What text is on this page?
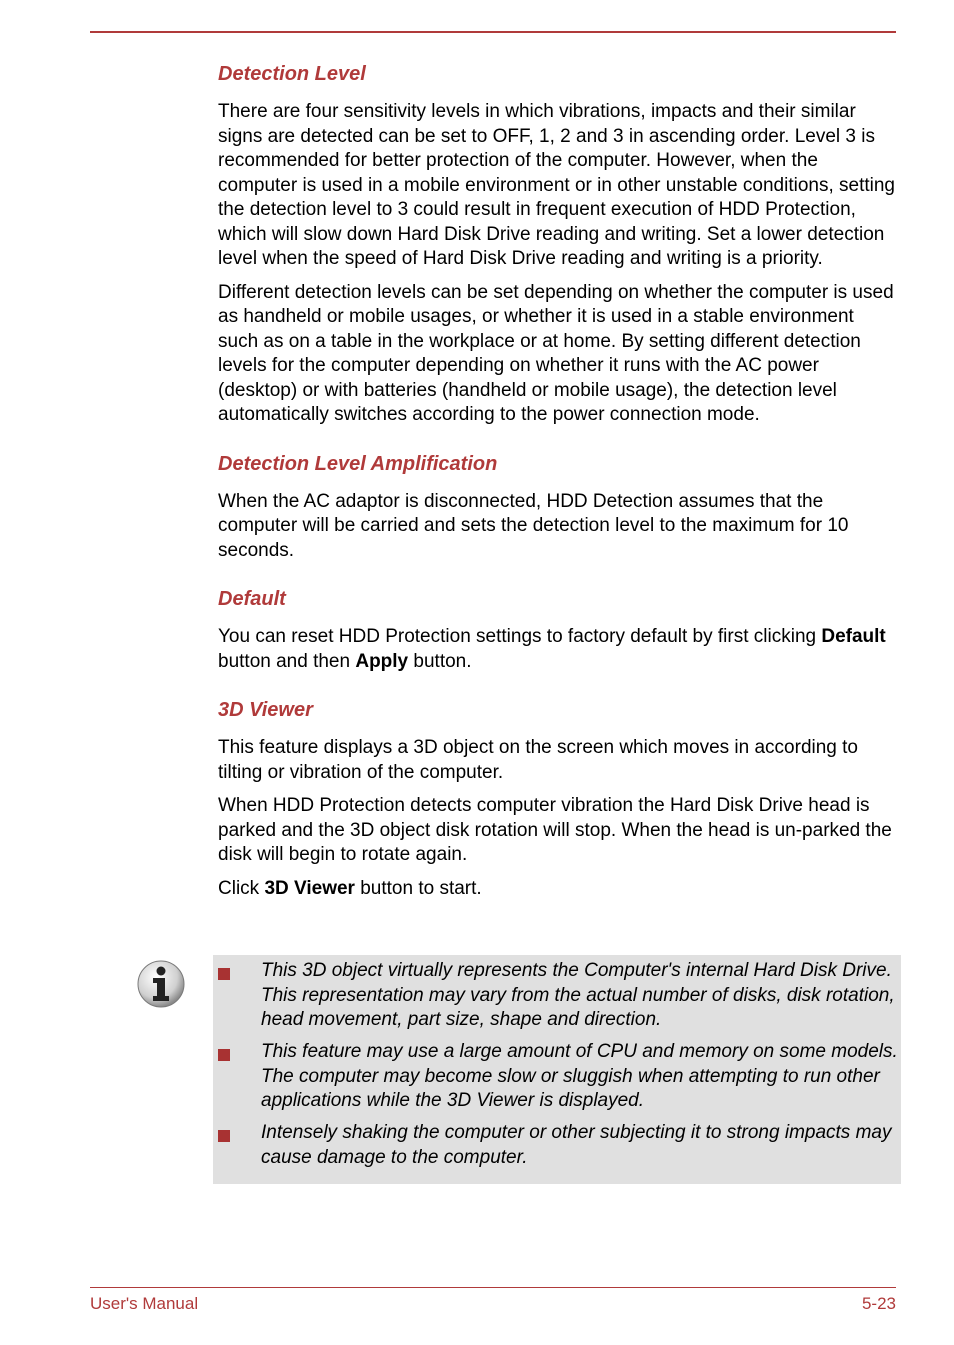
Detection Level

There are four sensitivity levels in which vibrations, impacts and their similar signs are detected can be set to OFF, 1, 2 and 3 in ascending order. Level 3 is recommended for better protection of the computer. However, when the computer is used in a mobile environment or in other unstable conditions, setting the detection level to 3 could result in frequent execution of HDD Protection, which will slow down Hard Disk Drive reading and writing. Set a lower detection level when the speed of Hard Disk Drive reading and writing is a priority.

Different detection levels can be set depending on whether the computer is used as handheld or mobile usages, or whether it is used in a stable environment such as on a table in the workplace or at home. By setting different detection levels for the computer depending on whether it runs with the AC power (desktop) or with batteries (handheld or mobile usage), the detection level automatically switches according to the power connection mode.

Detection Level Amplification

When the AC adaptor is disconnected, HDD Detection assumes that the computer will be carried and sets the detection level to the maximum for 10 seconds.

Default

You can reset HDD Protection settings to factory default by first clicking Default button and then Apply button.

3D Viewer

This feature displays a 3D object on the screen which moves in according to tilting or vibration of the computer.

When HDD Protection detects computer vibration the Hard Disk Drive head is parked and the 3D object disk rotation will stop. When the head is un-parked the disk will begin to rotate again.

Click 3D Viewer button to start.

This 3D object virtually represents the Computer's internal Hard Disk Drive. This representation may vary from the actual number of disks, disk rotation, head movement, part size, shape and direction.
This feature may use a large amount of CPU and memory on some models. The computer may become slow or sluggish when attempting to run other applications while the 3D Viewer is displayed.
Intensely shaking the computer or other subjecting it to strong impacts may cause damage to the computer.
User's Manual	5-23
